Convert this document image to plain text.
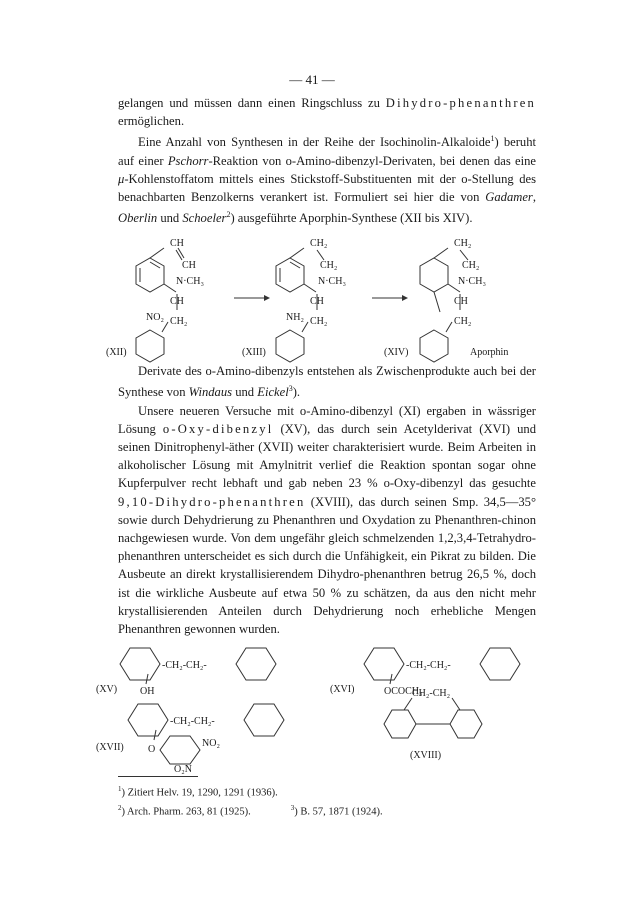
— 41 —

gelangen und müssen dann einen Ringschluss zu Dihydro-phenanthren ermöglichen.

Eine Anzahl von Synthesen in der Reihe der Isochinolin-Alkaloide$^1$) beruht auf einer Pschorr-Reaktion von o-Amino-dibenzyl-Derivaten, bei denen das eine μ-Kohlenstoffatom mittels eines Stickstoff-Substituenten mit der o-Stellung des benachbarten Benzolkerns verankert ist. Formuliert sei hier die von Gadamer, Oberlin und Schoeler$^2$) ausgeführte Aporphin-Synthese (XII bis XIV).

CH
CH
N·CH₃
CH
NO₂ CH₂
(XII)
CH₂
CH₂
N·CH₃
CH
NH₂ CH₂
(XIII)
CH₂
CH₂
N·CH₃
CH
CH₂
(XIV)	Aporphin

Derivate des o-Amino-dibenzyls entstehen als Zwischenprodukte auch bei der Synthese von Windaus und Eickel$^3$).

Unsere neueren Versuche mit o-Amino-dibenzyl (XI) ergaben in wässriger Lösung o-Oxy-dibenzyl (XV), das durch sein Acetylderivat (XVI) und seinen Dinitrophenyl-äther (XVII) weiter charakterisiert wurde. Beim Arbeiten in alkoholischer Lösung mit Amylnitrit verlief die Reaktion spontan sogar ohne Kupferpulver recht lebhaft und gab neben 23 % o-Oxy-dibenzyl das gesuchte 9,10-Dihydro-phenanthren (XVIII), das durch seinen Smp. 34,5—35° sowie durch Dehydrierung zu Phenanthren und Oxydation zu Phenanthren-chinon nachgewiesen wurde. Von dem ungefähr gleich schmelzenden 1,2,3,4-Tetrahydro-phenanthren unterscheidet es sich durch die Unfähigkeit, ein Pikrat zu bilden. Die Ausbeute an direkt krystallisierendem Dihydro-phenanthren betrug 26,5 %, doch ist die wirkliche Ausbeute auf etwa 50 % zu schätzen, da aus den nicht mehr krystallisierenden Anteilen durch Dehydrierung noch erhebliche Mengen Phenanthren gewonnen wurden.

-CH₂-CH₂-
OH
(XV)
-CH₂-CH₂-
OCOCH₃
(XVI)
-CH₂-CH₂-
O
NO₂
O₂N
(XVII)
CH₂-CH₂
(XVIII)
$^1$) Zitiert Helv. 19, 1290, 1291 (1936).
$^2$) Arch. Pharm. 263, 81 (1925).	$^3$) B. 57, 1871 (1924).
